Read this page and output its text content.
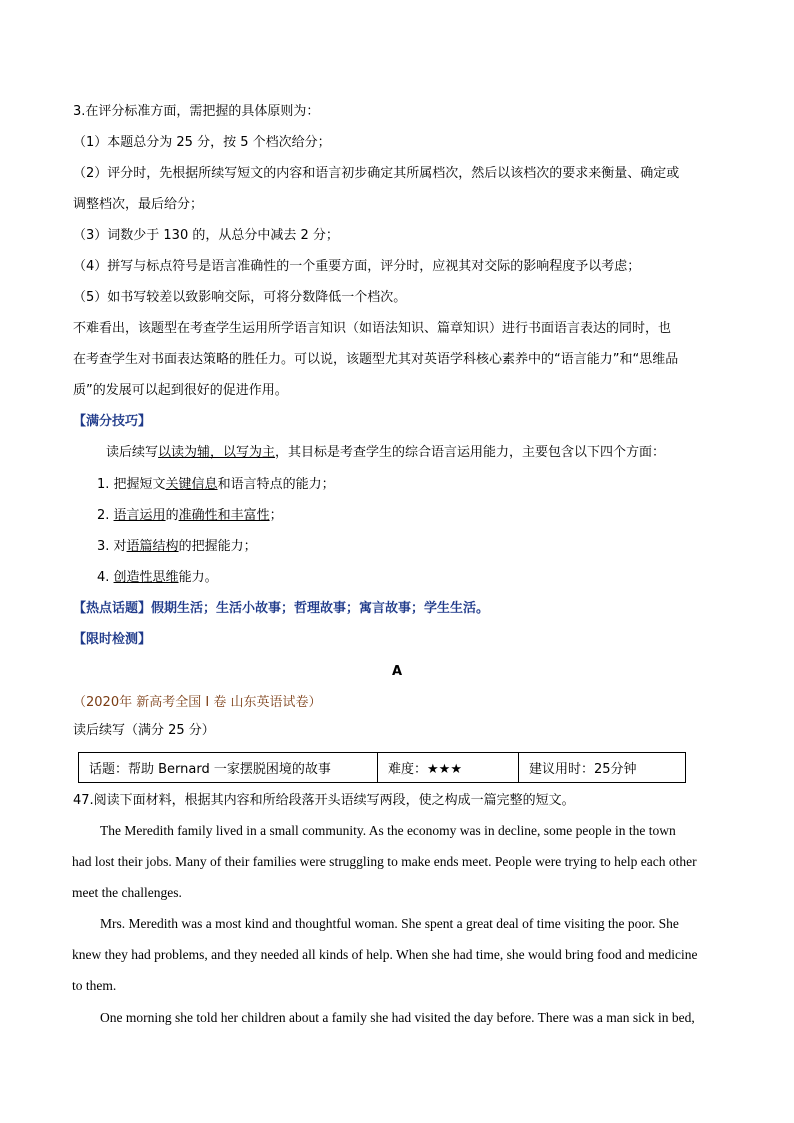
3.在评分标准方面，需把握的具体原则为：
（1）本题总分为 25 分，按 5 个档次给分；
（2）评分时，先根据所续写短文的内容和语言初步确定其所属档次，然后以该档次的要求来衡量、确定或
调整档次，最后给分；
（3）词数少于 130 的，从总分中减去 2 分；
（4）拼写与标点符号是语言准确性的一个重要方面，评分时，应视其对交际的影响程度予以考虑；
（5）如书写较差以致影响交际，可将分数降低一个档次。
不难看出，该题型在考查学生运用所学语言知识（如语法知识、篇章知识）进行书面语言表达的同时，也
在考查学生对书面表达策略的胜任力。可以说，该题型尤其对英语学科核心素养中的“语言能力”和“思维品
质”的发展可以起到很好的促进作用。
【满分技巧】
读后续写以读为辅，以写为主，其目标是考查学生的综合语言运用能力，主要包含以下四个方面：
1. 把握短文关键信息和语言特点的能力；
2. 语言运用的准确性和丰富性；
3. 对语篇结构的把握能力；
4. 创造性思维能力。
【热点话题】假期生活；生活小故事；哲理故事；寓言故事；学生生活。
【限时检测】
A
（2020年 新高考全国 I 卷 山东英语试卷）
读后续写（满分 25 分）
话题：帮助 Bernard 一家摆脱困境的故事	难度：★★★	建议用时：25分钟
47.阅读下面材料，根据其内容和所给段落开头语续写两段，使之构成一篇完整的短文。
The Meredith family lived in a small community. As the economy was in decline, some people in the town
had lost their jobs. Many of their families were struggling to make ends meet. People were trying to help each other
meet the challenges.
Mrs. Meredith was a most kind and thoughtful woman. She spent a great deal of time visiting the poor. She
knew they had problems, and they needed all kinds of help. When she had time, she would bring food and medicine
to them.
One morning she told her children about a family she had visited the day before. There was a man sick in bed,
